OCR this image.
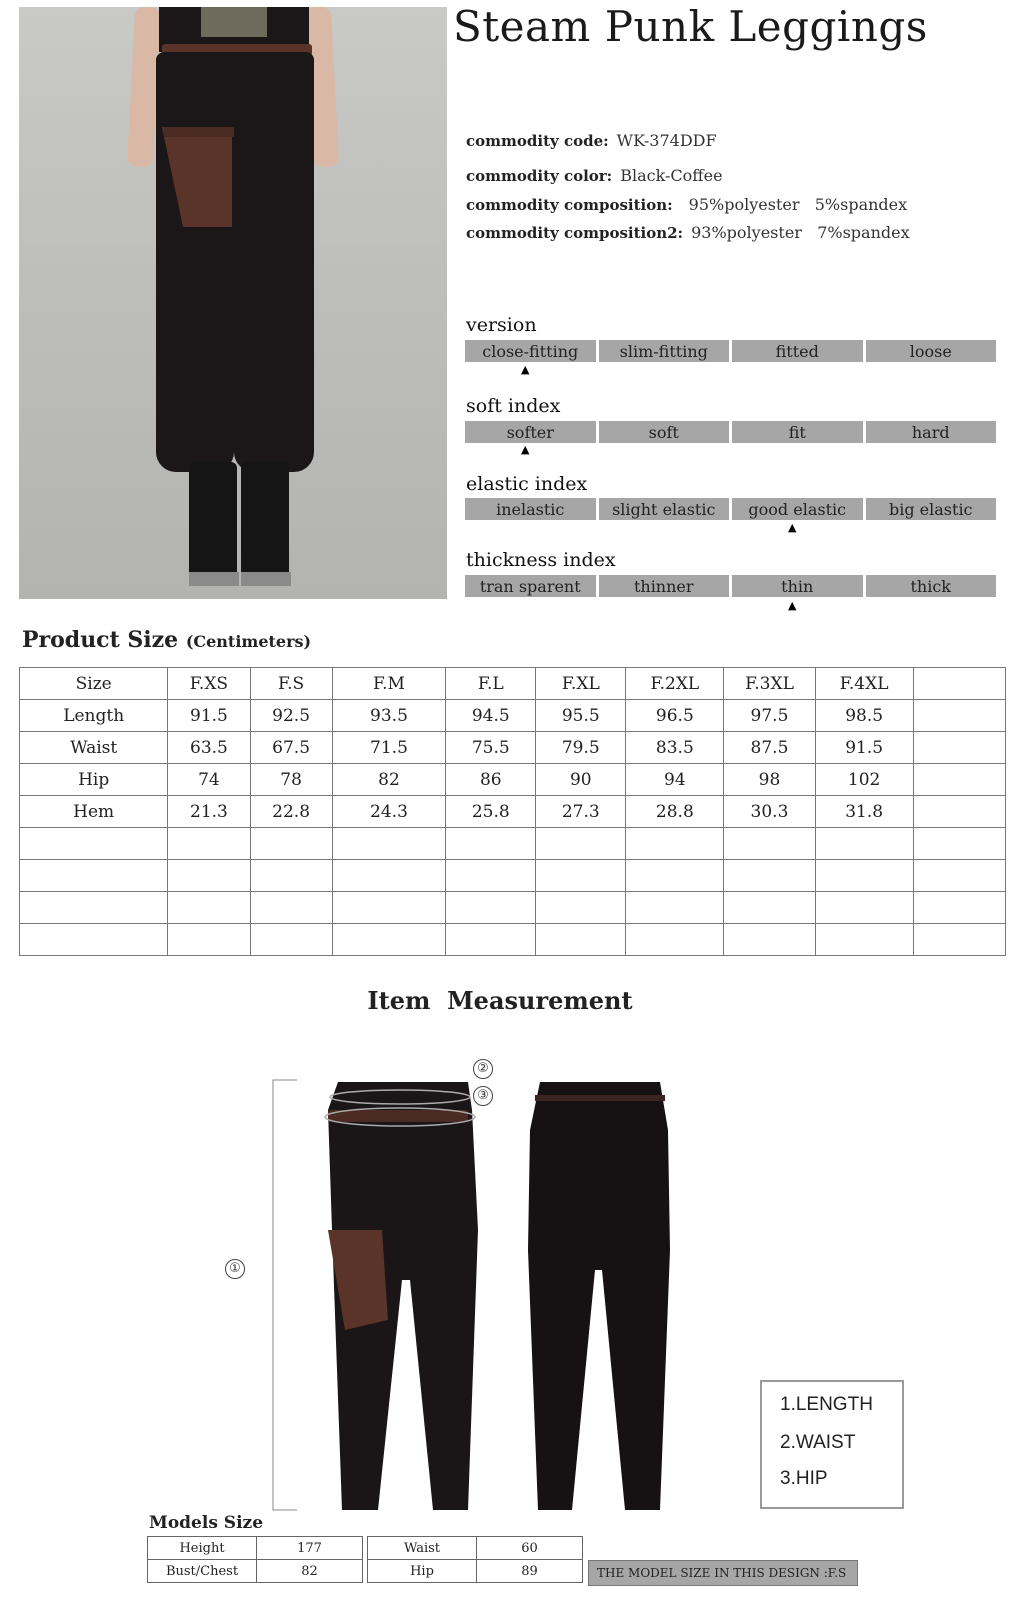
Steam Punk Leggings
commodity code: WK-374DDF
commodity color: Black-Coffee
commodity composition: 95%polyester   5%spandex
commodity composition2: 93%polyester   7%spandex
version
close-fitting	slim-fitting	fitted	loose
▲
soft index
softer	soft	fit	hard
▲
elastic index
inelastic	slight elastic	good elastic	big elastic
▲
thickness index
tran sparent	thinner	thin	thick
▲
Product Size (Centimeters)
Size	F.XS	F.S	F.M	F.L	F.XL	F.2XL	F.3XL	F.4XL	
Length	91.5	92.5	93.5	94.5	95.5	96.5	97.5	98.5	
Waist	63.5	67.5	71.5	75.5	79.5	83.5	87.5	91.5	
Hip	74	78	82	86	90	94	98	102	
Hem	21.3	22.8	24.3	25.8	27.3	28.8	30.3	31.8	

Item  Measurement
①
②
③
1.LENGTH
2.WAIST
3.HIP
Models Size
Height	177
Bust/Chest	82
Waist	60
Hip	89	THE MODEL SIZE IN THIS DESIGN :F.S
